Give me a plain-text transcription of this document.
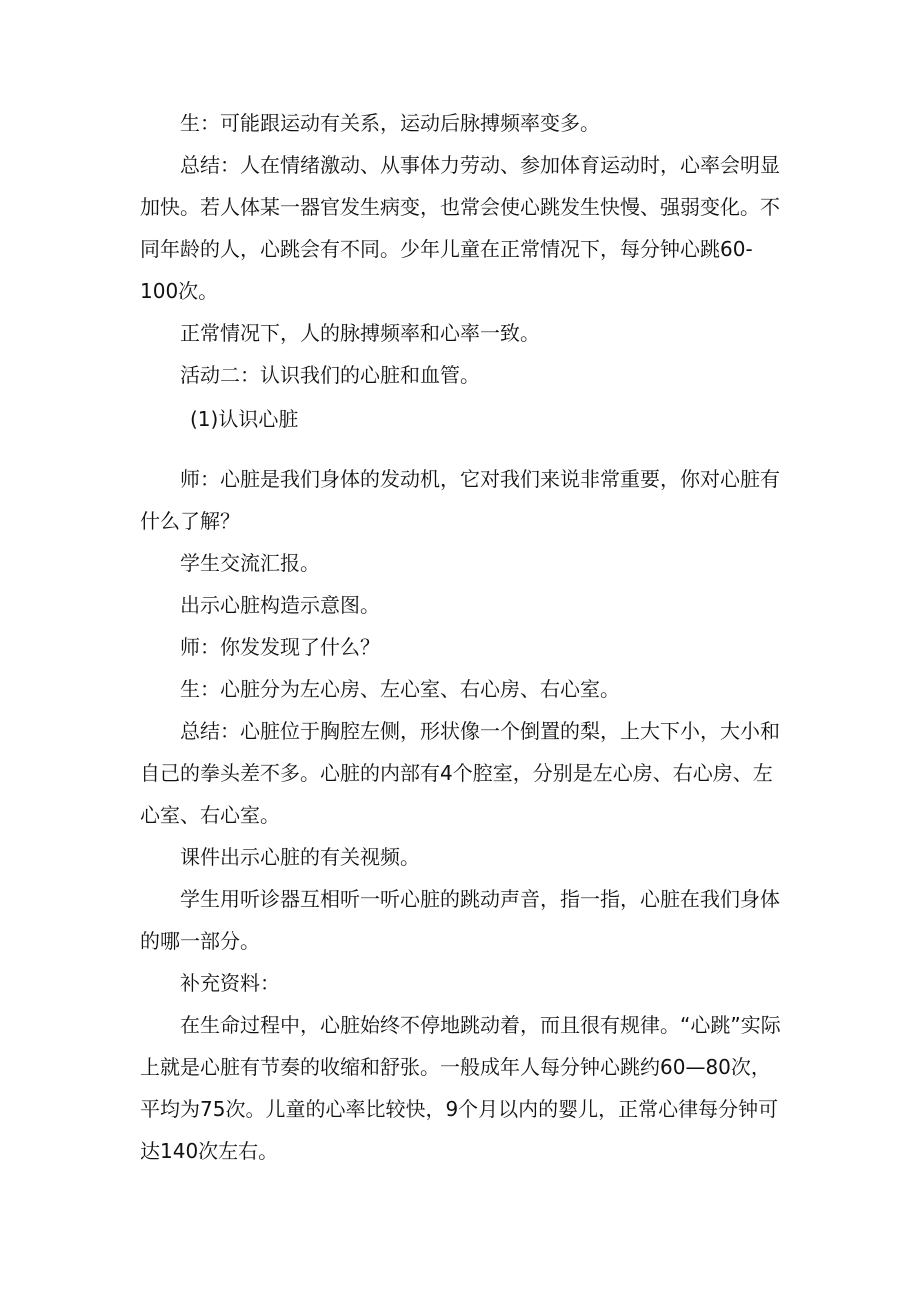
生：可能跟运动有关系，运动后脉搏频率变多。

总结：人在情绪激动、从事体力劳动、参加体育运动时，心率会明显加快。若人体某一器官发生病变，也常会使心跳发生快慢、强弱变化。不同年龄的人，心跳会有不同。少年儿童在正常情况下，每分钟心跳60-100次。

正常情况下，人的脉搏频率和心率一致。

活动二：认识我们的心脏和血管。

(1)认识心脏

师：心脏是我们身体的发动机，它对我们来说非常重要，你对心脏有什么了解？

学生交流汇报。

出示心脏构造示意图。

师：你发发现了什么？

生：心脏分为左心房、左心室、右心房、右心室。

总结：心脏位于胸腔左侧，形状像一个倒置的梨，上大下小，大小和自己的拳头差不多。心脏的内部有4个腔室，分别是左心房、右心房、左心室、右心室。

课件出示心脏的有关视频。

学生用听诊器互相听一听心脏的跳动声音，指一指，心脏在我们身体的哪一部分。

补充资料：

在生命过程中，心脏始终不停地跳动着，而且很有规律。“心跳”实际上就是心脏有节奏的收缩和舒张。一般成年人每分钟心跳约60—80次，平均为75次。儿童的心率比较快，9个月以内的婴儿，正常心律每分钟可达140次左右。
